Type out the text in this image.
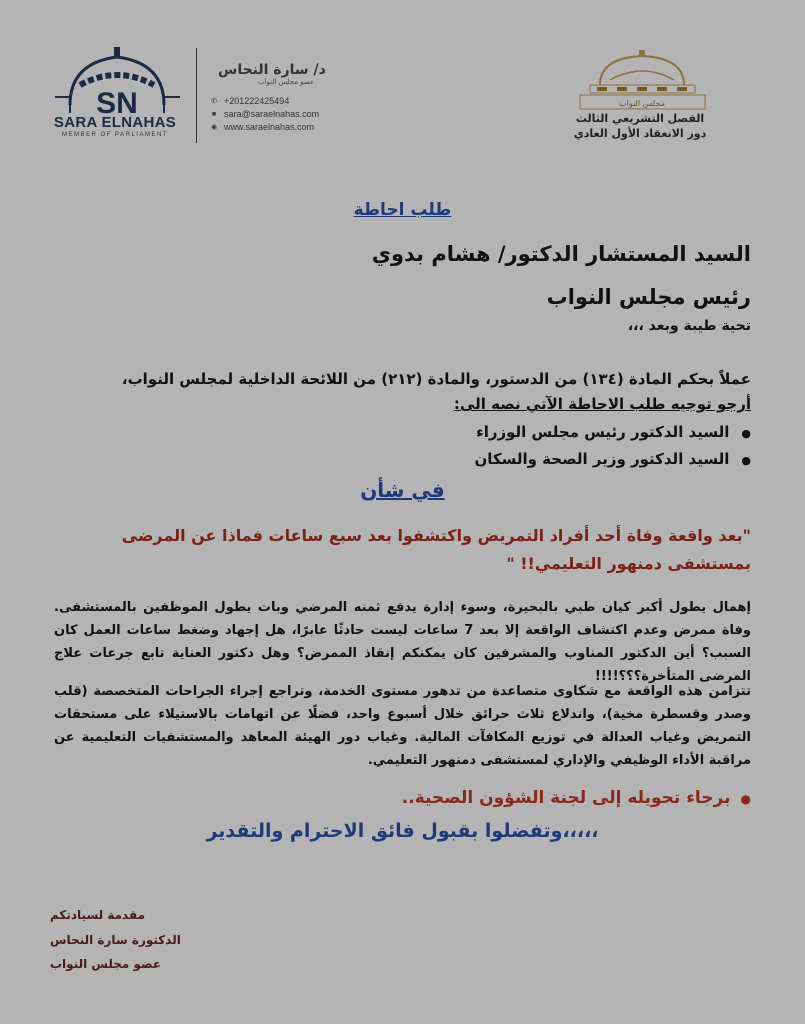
SN
SARA ELNAHAS
MEMBER OF PARLIAMENT
د/ سارة النحاس
عضو مجلس النواب
✆ +201222425494
■ sara@saraelnahas.com
◉ www.saraelnahas.com
مجلس النواب
الفصل التشريعي الثالث
دور الانعقاد الأول العادي
طلب احاطة
السيد المستشار الدكتور/ هشام بدوي
رئيس مجلس النواب
تحية طيبة وبعد ،،،
عملاً بحكم المادة (١٣٤) من الدستور، والمادة (٢١٢) من اللائحة الداخلية لمجلس النواب،
أرجو توجيه طلب الاحاطة الآتي نصه الى:
● السيد الدكتور رئيس مجلس الوزراء
● السيد الدكتور وزير الصحة والسكان
في شأن
"بعد واقعة وفاة أحد أفراد التمريض واكتشفوا بعد سبع ساعات فماذا عن المرضى بمستشفى دمنهور التعليمي!! "
إهمال يطول أكبر كيان طبي بالبحيرة، وسوء إدارة يدفع ثمنه المرضي وبات يطول الموظفين بالمستشفى. وفاة ممرض وعدم اكتشاف الواقعة إلا بعد 7 ساعات ليست حادثًا عابرًا، هل إجهاد وضغط ساعات العمل كان السبب؟ أين الدكتور المناوب والمشرفين كان يمكنكم إنقاذ الممرض؟ وهل دكتور العناية تابع جرعات علاج المرضى المتأخرة؟؟؟!!!!
تتزامن هذه الواقعة مع شكاوى متصاعدة من تدهور مستوى الخدمة، وتراجع إجراء الجراحات المتخصصة (قلب وصدر وقسطرة مخية)، واندلاع ثلاث حرائق خلال أسبوع واحد، فضلًا عن اتهامات بالاستيلاء على مستحقات التمريض وغياب العدالة في توزيع المكافآت المالية. وغياب دور الهيئة المعاهد والمستشفيات التعليمية عن مراقبة الأداء الوظيفي والإداري لمستشفى دمنهور التعليمي.
● برجاء تحويله إلى لجنة الشؤون الصحية..
وتفضلوا بقبول فائق الاحترام والتقدير،،،،،
مقدمة لسيادتكم
الدكتورة سارة النحاس
عضو مجلس النواب
